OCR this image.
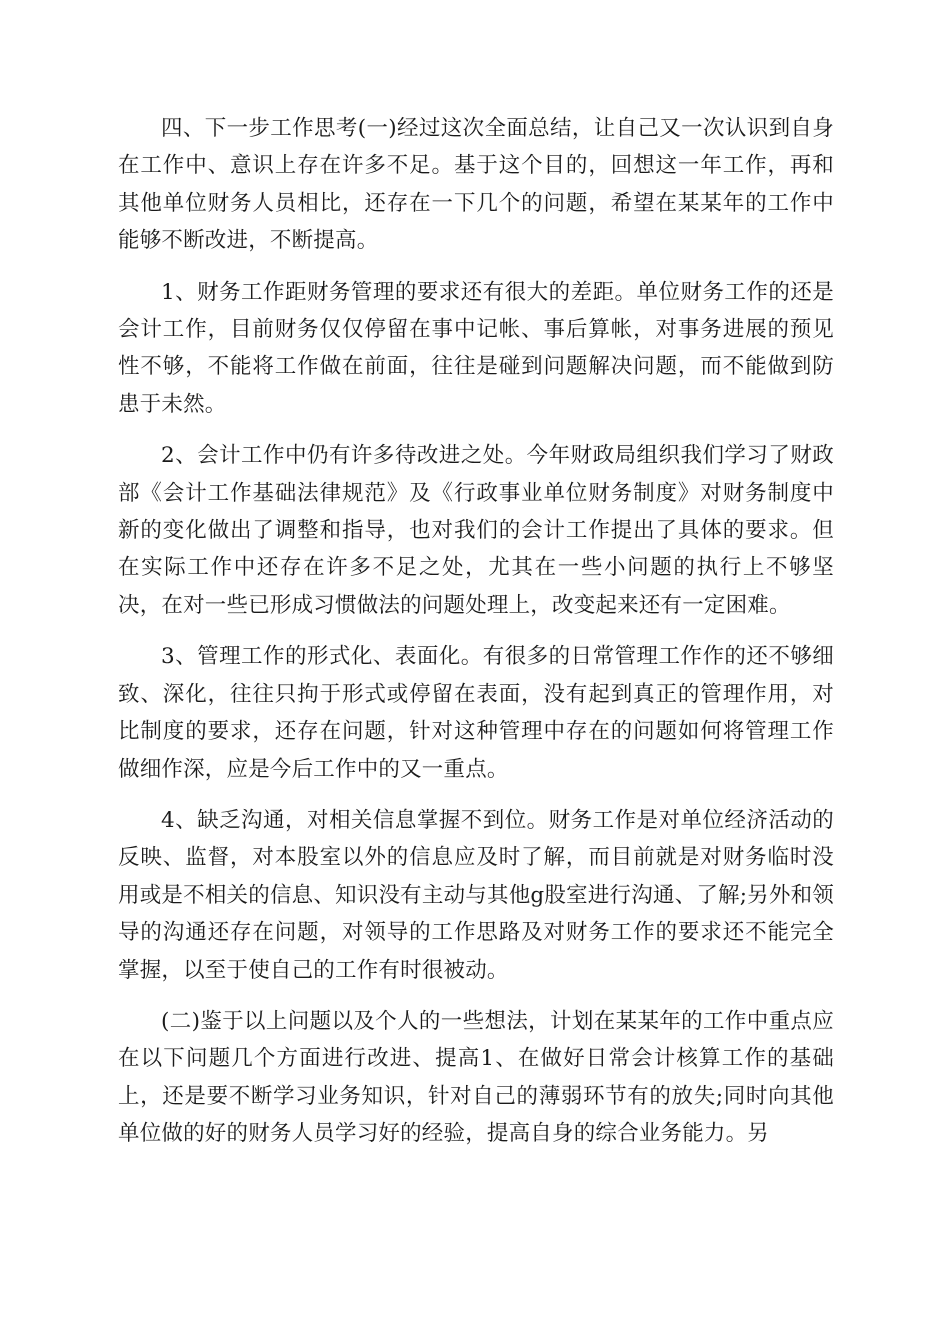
四、下一步工作思考(一)经过这次全面总结，让自己又一次认识到自身在工作中、意识上存在许多不足。基于这个目的，回想这一年工作，再和其他单位财务人员相比，还存在一下几个的问题，希望在某某年的工作中能够不断改进，不断提高。

1、财务工作距财务管理的要求还有很大的差距。单位财务工作的还是会计工作，目前财务仅仅停留在事中记帐、事后算帐，对事务进展的预见性不够，不能将工作做在前面，往往是碰到问题解决问题，而不能做到防患于未然。

2、会计工作中仍有许多待改进之处。今年财政局组织我们学习了财政部《会计工作基础法律规范》及《行政事业单位财务制度》对财务制度中新的变化做出了调整和指导，也对我们的会计工作提出了具体的要求。但在实际工作中还存在许多不足之处，尤其在一些小问题的执行上不够坚决，在对一些已形成习惯做法的问题处理上，改变起来还有一定困难。

3、管理工作的形式化、表面化。有很多的日常管理工作作的还不够细致、深化，往往只拘于形式或停留在表面，没有起到真正的管理作用，对比制度的要求，还存在问题，针对这种管理中存在的问题如何将管理工作做细作深，应是今后工作中的又一重点。

4、缺乏沟通，对相关信息掌握不到位。财务工作是对单位经济活动的反映、监督，对本股室以外的信息应及时了解，而目前就是对财务临时没用或是不相关的信息、知识没有主动与其他g股室进行沟通、了解;另外和领导的沟通还存在问题，对领导的工作思路及对财务工作的要求还不能完全掌握，以至于使自己的工作有时很被动。

(二)鉴于以上问题以及个人的一些想法，计划在某某年的工作中重点应在以下问题几个方面进行改进、提高1、在做好日常会计核算工作的基础上，还是要不断学习业务知识，针对自己的薄弱环节有的放失;同时向其他单位做的好的财务人员学习好的经验，提高自身的综合业务能力。另
